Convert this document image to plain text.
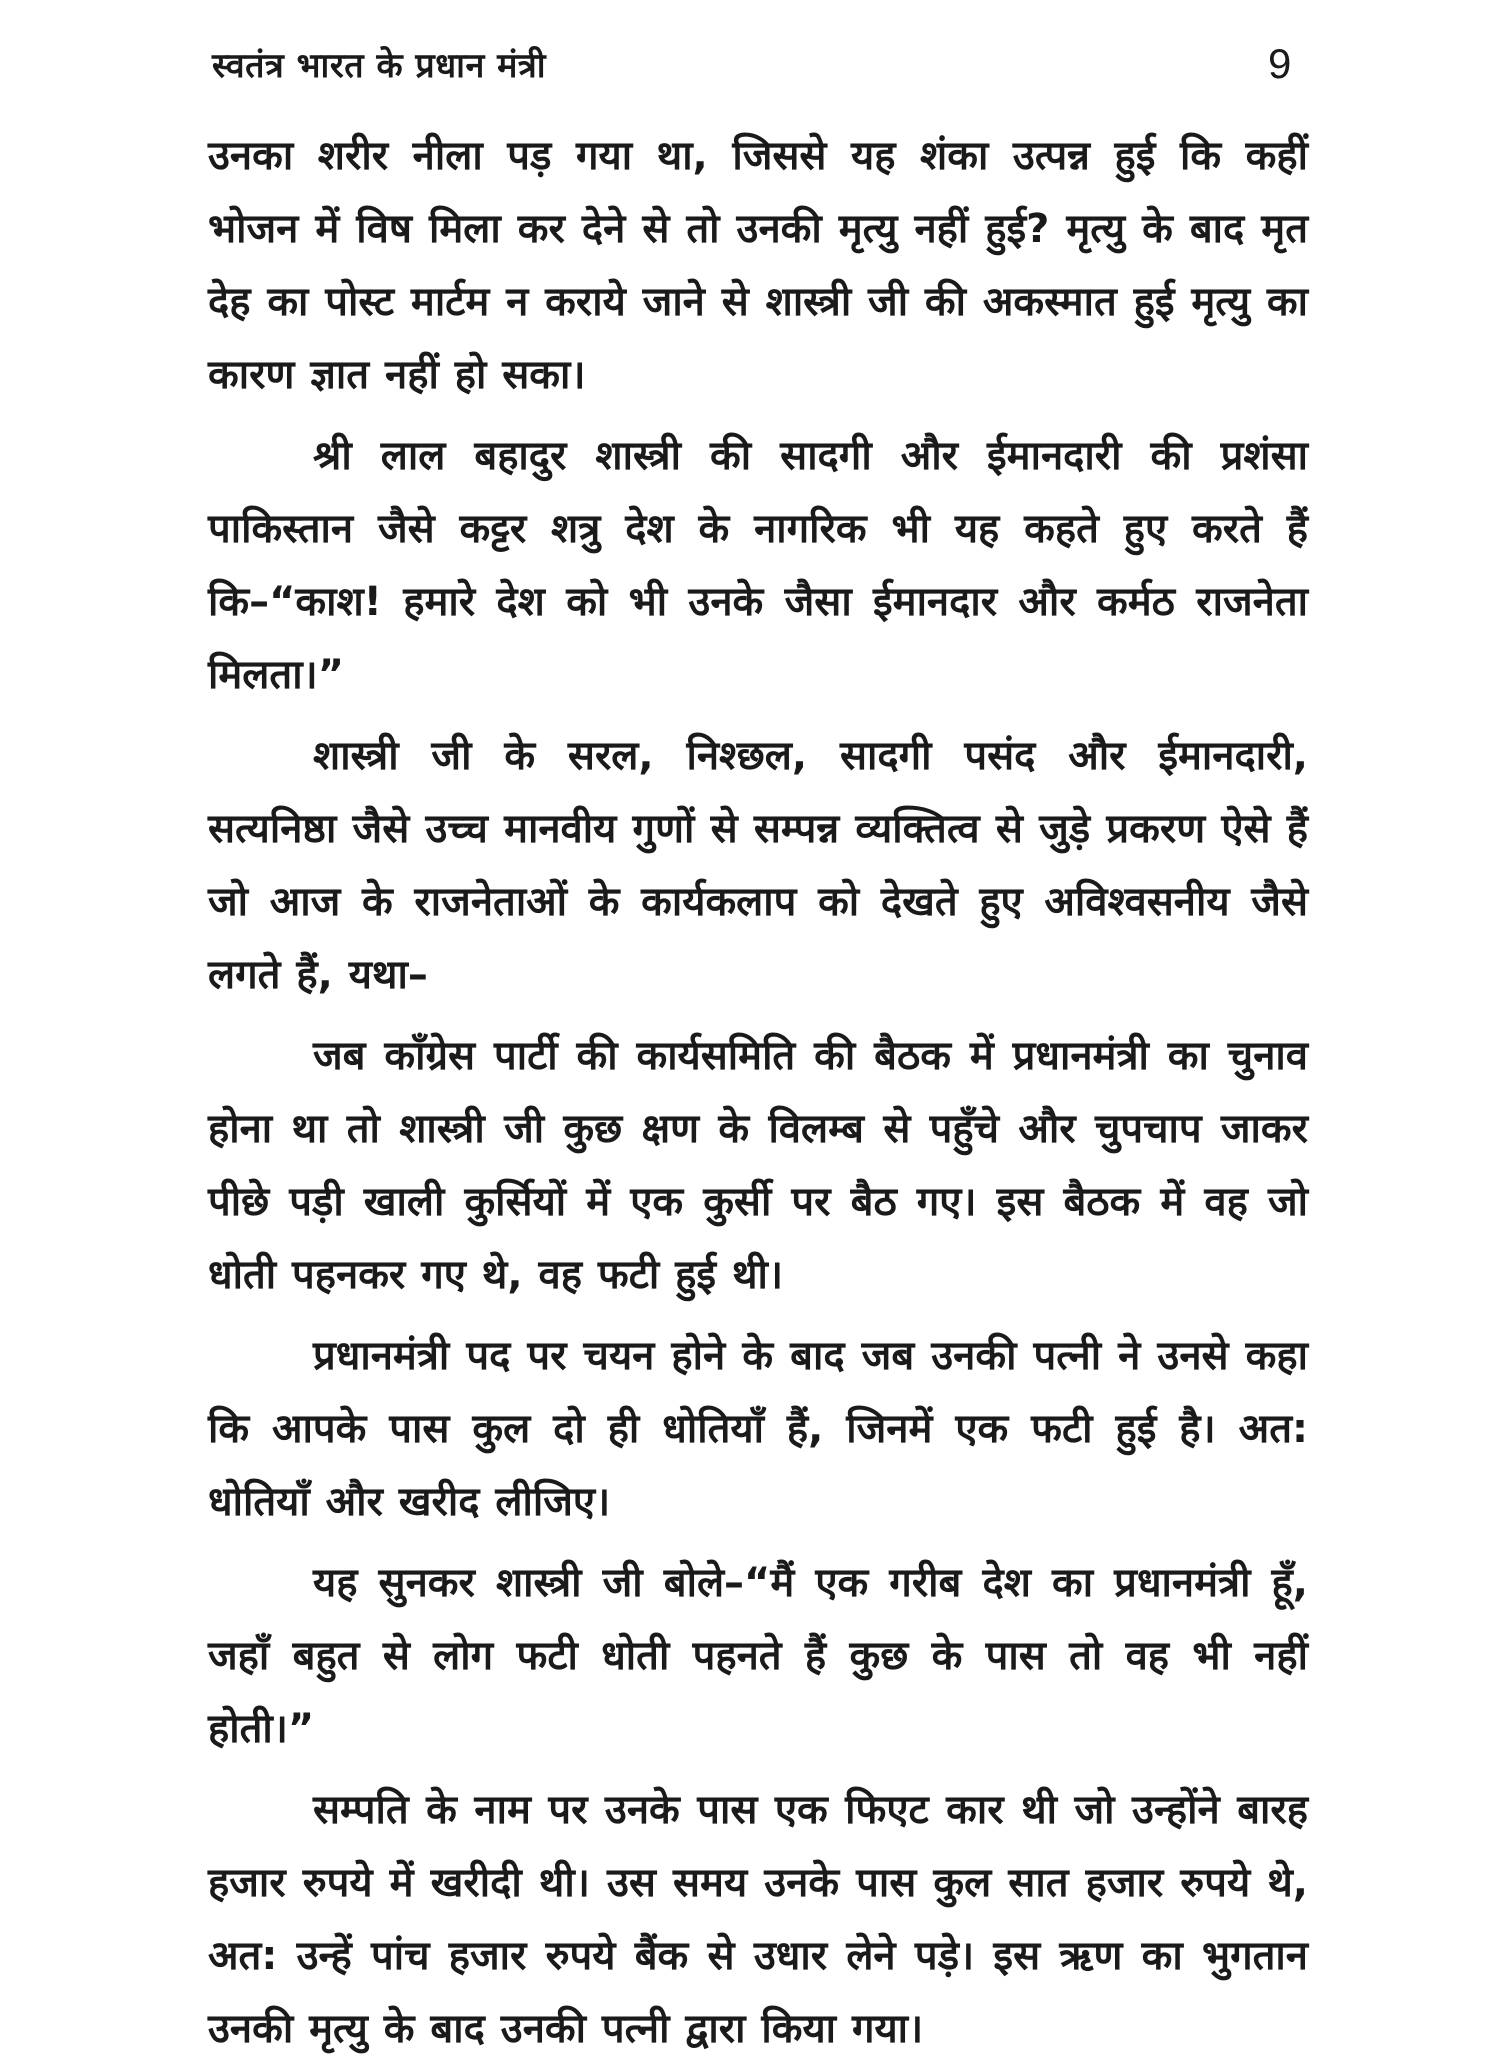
स्वतंत्र भारत के प्रधान मंत्री	9

उनका शरीर नीला पड़ गया था, जिससे यह शंका उत्पन्न हुई कि कहीं भोजन में विष मिला कर देने से तो उनकी मृत्यु नहीं हुई? मृत्यु के बाद मृत देह का पोस्ट मार्टम न कराये जाने से शास्त्री जी की अकस्मात हुई मृत्यु का कारण ज्ञात नहीं हो सका।

श्री लाल बहादुर शास्त्री की सादगी और ईमानदारी की प्रशंसा पाकिस्तान जैसे कट्टर शत्रु देश के नागरिक भी यह कहते हुए करते हैं कि–“काश! हमारे देश को भी उनके जैसा ईमानदार और कर्मठ राजनेता मिलता।”

शास्त्री जी के सरल, निश्छल, सादगी पसंद और ईमानदारी, सत्यनिष्ठा जैसे उच्च मानवीय गुणों से सम्पन्न व्यक्तित्व से जुड़े प्रकरण ऐसे हैं जो आज के राजनेताओं के कार्यकलाप को देखते हुए अविश्वसनीय जैसे लगते हैं, यथा–

जब काँग्रेस पार्टी की कार्यसमिति की बैठक में प्रधानमंत्री का चुनाव होना था तो शास्त्री जी कुछ क्षण के विलम्ब से पहुँचे और चुपचाप जाकर पीछे पड़ी खाली कुर्सियों में एक कुर्सी पर बैठ गए। इस बैठक में वह जो धोती पहनकर गए थे, वह फटी हुई थी।

प्रधानमंत्री पद पर चयन होने के बाद जब उनकी पत्नी ने उनसे कहा कि आपके पास कुल दो ही धोतियाँ हैं, जिनमें एक फटी हुई है। अत: धोतियाँ और खरीद लीजिए।

यह सुनकर शास्त्री जी बोले–“मैं एक गरीब देश का प्रधानमंत्री हूँ, जहाँ बहुत से लोग फटी धोती पहनते हैं कुछ के पास तो वह भी नहीं होती।”

सम्पति के नाम पर उनके पास एक फिएट कार थी जो उन्होंने बारह हजार रुपये में खरीदी थी। उस समय उनके पास कुल सात हजार रुपये थे, अत: उन्हें पांच हजार रुपये बैंक से उधार लेने पड़े। इस ऋण का भुगतान उनकी मृत्यु के बाद उनकी पत्नी द्वारा किया गया।
